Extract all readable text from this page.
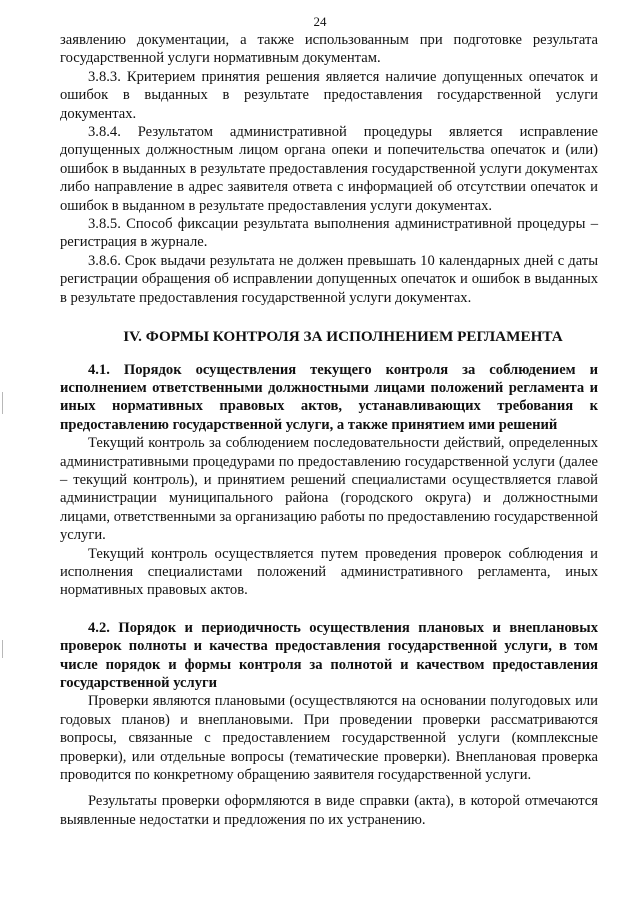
24

заявлению документации, а также использованным при подготовке результата государственной услуги нормативным документам.

3.8.3. Критерием принятия решения является наличие допущенных опечаток и ошибок в выданных в результате предоставления государственной услуги документах.

3.8.4. Результатом административной процедуры является исправление допущенных должностным лицом органа опеки и попечительства опечаток и (или) ошибок в выданных в результате предоставления государственной услуги документах либо направление в адрес заявителя ответа с информацией об отсутствии опечаток и ошибок в выданном в результате предоставления услуги документах.

3.8.5. Способ фиксации результата выполнения административной процедуры – регистрация в журнале.

3.8.6. Срок выдачи результата не должен превышать 10 календарных дней с даты регистрации обращения об исправлении допущенных опечаток и ошибок в выданных в результате предоставления государственной услуги документах.

IV. ФОРМЫ КОНТРОЛЯ ЗА ИСПОЛНЕНИЕМ РЕГЛАМЕНТА

4.1. Порядок осуществления текущего контроля за соблюдением и исполнением ответственными должностными лицами положений регламента и иных нормативных правовых актов, устанавливающих требования к предоставлению государственной услуги, а также принятием ими решений

Текущий контроль за соблюдением последовательности действий, определенных административными процедурами по предоставлению государственной услуги (далее – текущий контроль), и принятием решений специалистами осуществляется главой администрации муниципального района (городского округа) и должностными лицами, ответственными за организацию работы по предоставлению государственной услуги.

Текущий контроль осуществляется путем проведения проверок соблюдения и исполнения специалистами положений административного регламента, иных нормативных правовых актов.

4.2. Порядок и периодичность осуществления плановых и внеплановых проверок полноты и качества предоставления государственной услуги, в том числе порядок и формы контроля за полнотой и качеством предоставления государственной услуги

Проверки являются плановыми (осуществляются на основании полугодовых или годовых планов) и внеплановыми. При проведении проверки рассматриваются вопросы, связанные с предоставлением государственной услуги (комплексные проверки), или отдельные вопросы (тематические проверки). Внеплановая проверка проводится по конкретному обращению заявителя государственной услуги.

Результаты проверки оформляются в виде справки (акта), в которой отмечаются выявленные недостатки и предложения по их устранению.
